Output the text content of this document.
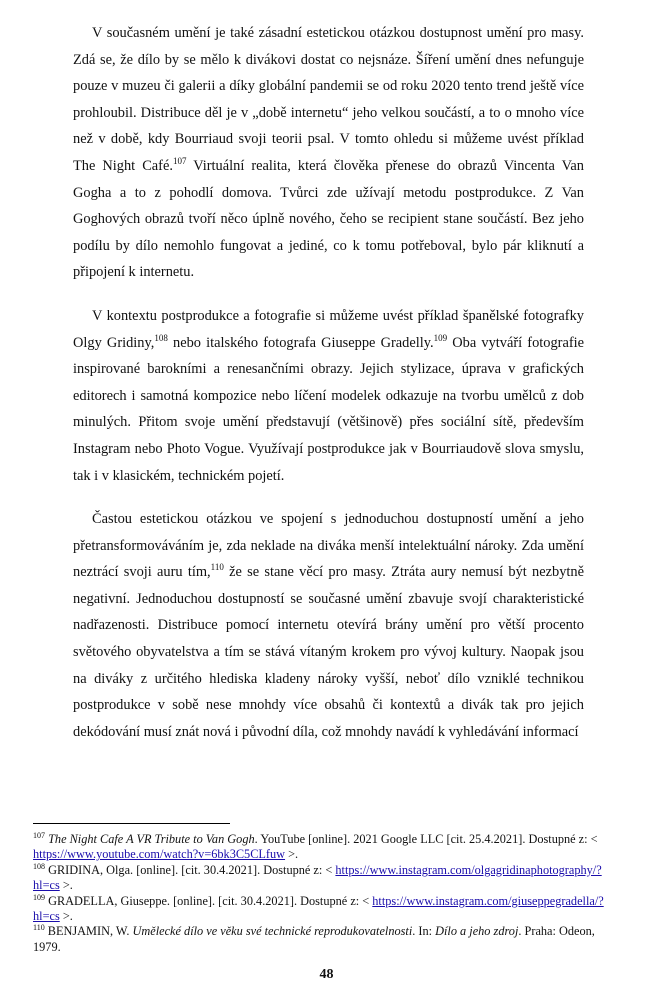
V současném umění je také zásadní estetickou otázkou dostupnost umění pro masy. Zdá se, že dílo by se mělo k divákovi dostat co nejsnáze. Šíření umění dnes nefunguje pouze v muzeu či galerii a díky globální pandemii se od roku 2020 tento trend ještě více prohloubil. Distribuce děl je v „době internetu“ jeho velkou součástí, a to o mnoho více než v době, kdy Bourriaud svoji teorii psal. V tomto ohledu si můžeme uvést příklad The Night Café.$^{107}$ Virtuální realita, která člověka přenese do obrazů Vincenta Van Gogha a to z pohodlí domova. Tvůrci zde užívají metodu postprodukce. Z Van Goghových obrazů tvoří něco úplně nového, čeho se recipient stane součástí. Bez jeho podílu by dílo nemohlo fungovat a jediné, co k tomu potřeboval, bylo pár kliknutí a připojení k internetu.

V kontextu postprodukce a fotografie si můžeme uvést příklad španělské fotografky Olgy Gridiny,$^{108}$ nebo italského fotografa Giuseppe Gradelly.$^{109}$ Oba vytváří fotografie inspirované barokními a renesančními obrazy. Jejich stylizace, úprava v grafických editorech i samotná kompozice nebo líčení modelek odkazuje na tvorbu umělců z dob minulých. Přitom svoje umění představují (většinově) přes sociální sítě, především Instagram nebo Photo Vogue. Využívají postprodukce jak v Bourriaudově slova smyslu, tak i v klasickém, technickém pojetí.

Častou estetickou otázkou ve spojení s jednoduchou dostupností umění a jeho přetransformováváním je, zda neklade na diváka menší intelektuální nároky. Zda umění neztrácí svoji auru tím,$^{110}$ že se stane věcí pro masy. Ztráta aury nemusí být nezbytně negativní. Jednoduchou dostupností se současné umění zbavuje svojí charakteristické nadřazenosti. Distribuce pomocí internetu otevírá brány umění pro větší procento světového obyvatelstva a tím se stává vítaným krokem pro vývoj kultury. Naopak jsou na diváky z určitého hlediska kladeny nároky vyšší, neboť dílo vzniklé technikou postprodukce v sobě nese mnohdy více obsahů či kontextů a divák tak pro jejich dekódování musí znát nová i původní díla, což mnohdy navádí k vyhledávání informací

$^{107}$ The Night Cafe A VR Tribute to Van Gogh. YouTube [online]. 2021 Google LLC [cit. 25.4.2021]. Dostupné z: < https://www.youtube.com/watch?v=6bk3C5CLfuw >.

$^{108}$ GRIDINA, Olga. [online]. [cit. 30.4.2021]. Dostupné z: < https://www.instagram.com/olgagridinaphotography/?hl=cs >.

$^{109}$ GRADELLA, Giuseppe. [online]. [cit. 30.4.2021]. Dostupné z: < https://www.instagram.com/giuseppegradella/?hl=cs >.

$^{110}$ BENJAMIN, W. Umělecké dílo ve věku své technické reprodukovatelnosti. In: Dílo a jeho zdroj. Praha: Odeon, 1979.

48
